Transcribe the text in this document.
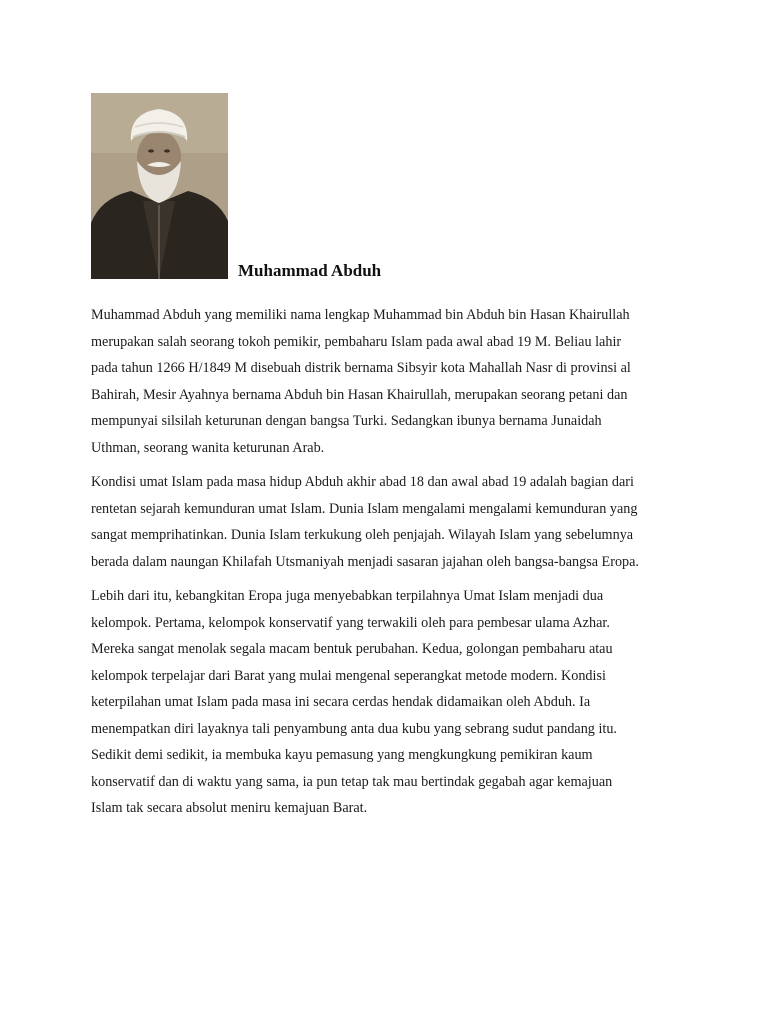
Muhammad Abduh
Muhammad Abduh yang memiliki nama lengkap Muhammad bin Abduh bin Hasan Khairullah
merupakan salah seorang tokoh pemikir, pembaharu Islam pada awal abad 19 M. Beliau lahir
pada tahun 1266 H/1849 M disebuah distrik bernama Sibsyir kota Mahallah Nasr di provinsi al
Bahirah, Mesir Ayahnya bernama Abduh bin Hasan Khairullah, merupakan seorang petani dan
mempunyai silsilah keturunan dengan bangsa Turki. Sedangkan ibunya bernama Junaidah
Uthman, seorang wanita keturunan Arab.
Kondisi umat Islam pada masa hidup Abduh akhir abad 18 dan awal abad 19 adalah bagian dari
rentetan sejarah kemunduran umat Islam. Dunia Islam mengalami mengalami kemunduran yang
sangat memprihatinkan. Dunia Islam terkukung oleh penjajah. Wilayah Islam yang sebelumnya
berada dalam naungan Khilafah Utsmaniyah menjadi sasaran jajahan oleh bangsa-bangsa Eropa.
Lebih dari itu, kebangkitan Eropa juga menyebabkan terpilahnya Umat Islam menjadi dua
kelompok. Pertama, kelompok konservatif yang terwakili oleh para pembesar ulama Azhar.
Mereka sangat menolak segala macam bentuk perubahan. Kedua, golongan pembaharu atau
kelompok terpelajar dari Barat yang mulai mengenal seperangkat metode modern. Kondisi
keterpilahan umat Islam pada masa ini secara cerdas hendak didamaikan oleh Abduh. Ia
menempatkan diri layaknya tali penyambung anta dua kubu yang sebrang sudut pandang itu.
Sedikit demi sedikit, ia membuka kayu pemasung yang mengkungkung pemikiran kaum
konservatif dan di waktu yang sama, ia pun tetap tak mau bertindak gegabah agar kemajuan
Islam tak secara absolut meniru kemajuan Barat.
